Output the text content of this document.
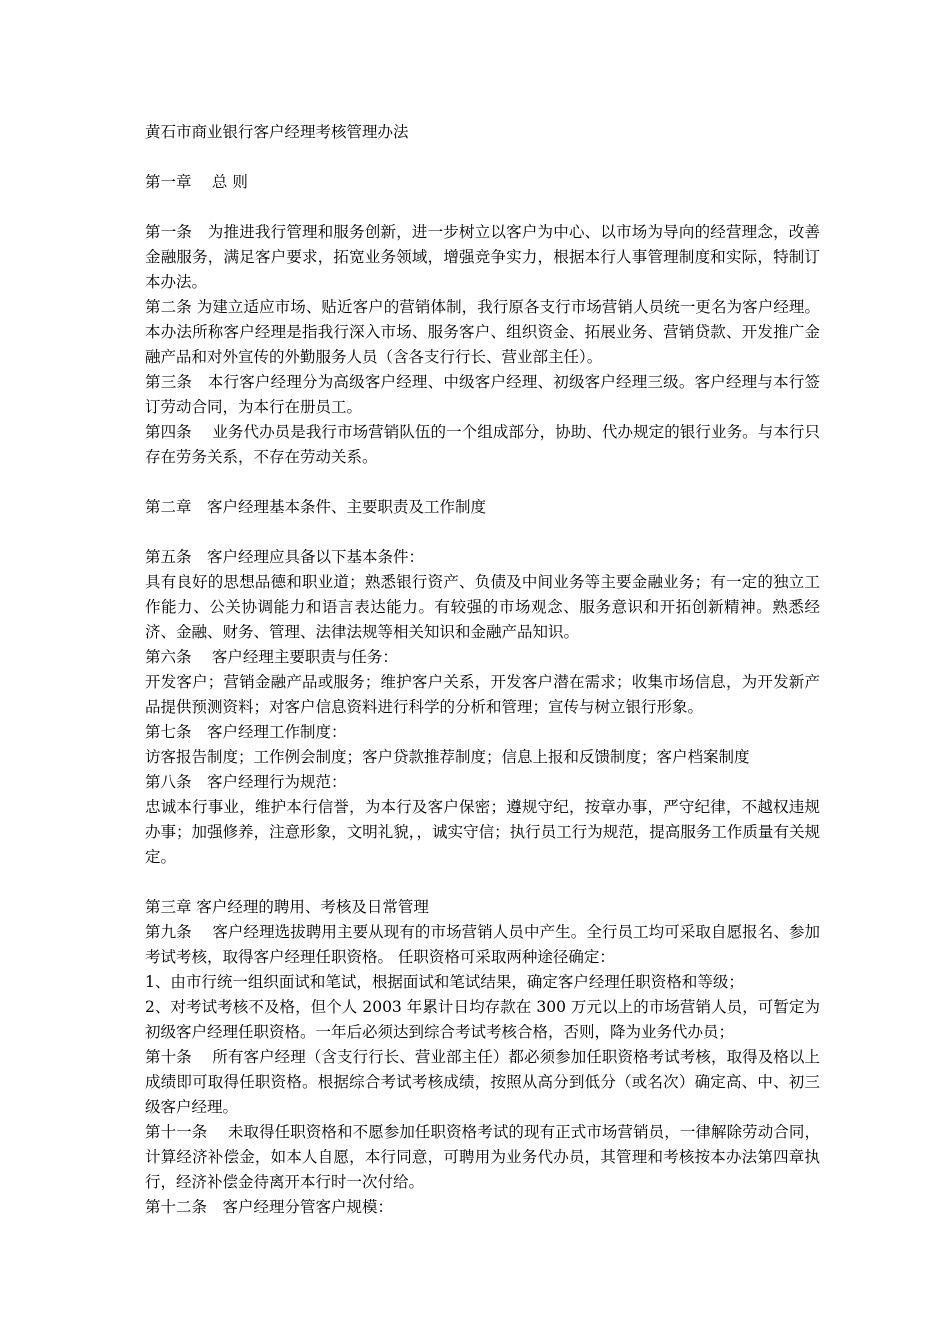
黄石市商业银行客户经理考核管理办法
第一章　 总 则
第一条　为推进我行管理和服务创新，进一步树立以客户为中心、以市场为导向的经营理念，改善金融服务，满足客户要求，拓宽业务领域，增强竞争实力，根据本行人事管理制度和实际，特制订本办法。
第二条 为建立适应市场、贴近客户的营销体制，我行原各支行市场营销人员统一更名为客户经理。本办法所称客户经理是指我行深入市场、服务客户、组织资金、拓展业务、营销贷款、开发推广金融产品和对外宣传的外勤服务人员（含各支行行长、营业部主任）。
第三条　本行客户经理分为高级客户经理、中级客户经理、初级客户经理三级。客户经理与本行签订劳动合同，为本行在册员工。
第四条　 业务代办员是我行市场营销队伍的一个组成部分，协助、代办规定的银行业务。与本行只存在劳务关系，不存在劳动关系。
第二章　客户经理基本条件、主要职责及工作制度
第五条　客户经理应具备以下基本条件：
具有良好的思想品德和职业道；熟悉银行资产、负债及中间业务等主要金融业务；有一定的独立工作能力、公关协调能力和语言表达能力。有较强的市场观念、服务意识和开拓创新精神。熟悉经济、金融、财务、管理、法律法规等相关知识和金融产品知识。
第六条　 客户经理主要职责与任务：
开发客户；营销金融产品或服务；维护客户关系，开发客户潜在需求；收集市场信息，为开发新产品提供预测资料；对客户信息资料进行科学的分析和管理；宣传与树立银行形象。
第七条　客户经理工作制度：
访客报告制度；工作例会制度；客户贷款推荐制度；信息上报和反馈制度；客户档案制度
第八条　客户经理行为规范：
忠诚本行事业，维护本行信誉，为本行及客户保密；遵规守纪，按章办事，严守纪律，不越权违规办事；加强修养，注意形象，文明礼貌，，诚实守信；执行员工行为规范，提高服务工作质量有关规定。
第三章 客户经理的聘用、考核及日常管理
第九条　 客户经理选拔聘用主要从现有的市场营销人员中产生。全行员工均可采取自愿报名、参加考试考核，取得客户经理任职资格。 任职资格可采取两种途径确定：
1、由市行统一组织面试和笔试，根据面试和笔试结果，确定客户经理任职资格和等级；
2、对考试考核不及格，但个人 2003 年累计日均存款在 300 万元以上的市场营销人员，可暂定为初级客户经理任职资格。一年后必须达到综合考试考核合格，否则，降为业务代办员；
第十条　 所有客户经理（含支行行长、营业部主任）都必须参加任职资格考试考核，取得及格以上成绩即可取得任职资格。根据综合考试考核成绩，按照从高分到低分（或名次）确定高、中、初三级客户经理。
第十一条　 未取得任职资格和不愿参加任职资格考试的现有正式市场营销员，一律解除劳动合同，计算经济补偿金，如本人自愿，本行同意，可聘用为业务代办员，其管理和考核按本办法第四章执行，经济补偿金待离开本行时一次付给。
第十二条　客户经理分管客户规模：
